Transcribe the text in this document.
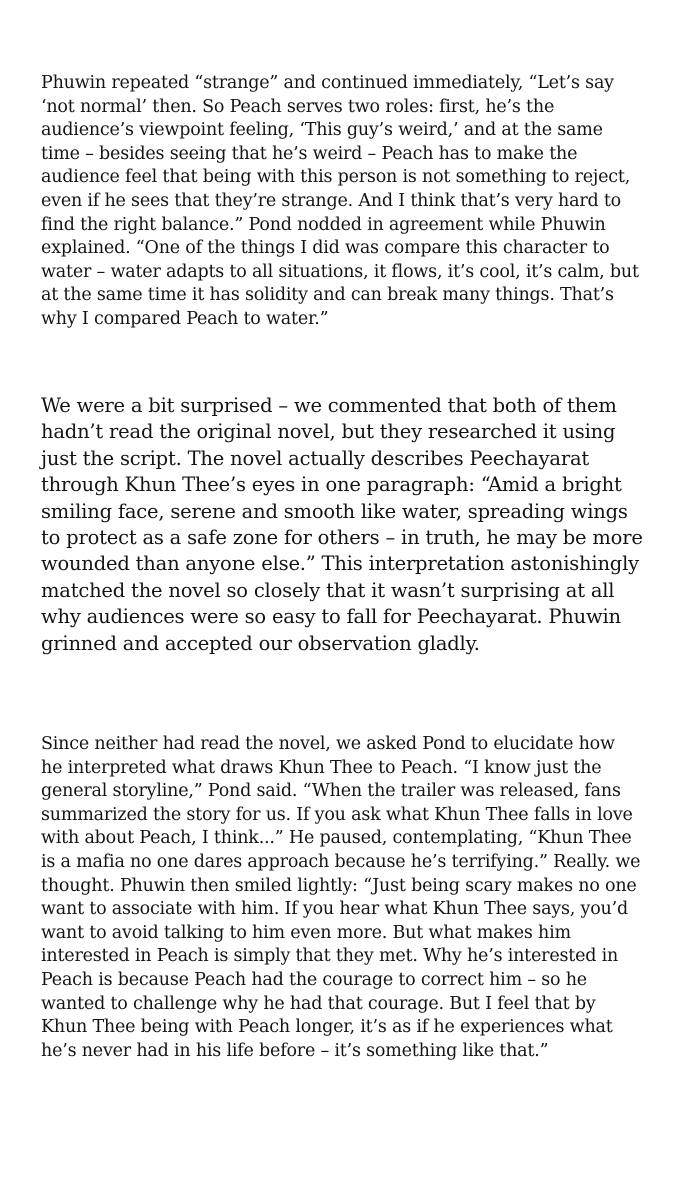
Phuwin repeated “strange” and continued immediately, “Let’s say ‘not normal’ then. So Peach serves two roles: first, he’s the audience’s viewpoint feeling, ‘This guy’s weird,’ and at the same time – besides seeing that he’s weird – Peach has to make the audience feel that being with this person is not something to reject, even if he sees that they’re strange. And I think that’s very hard to find the right balance.” Pond nodded in agreement while Phuwin explained. “One of the things I did was compare this character to water – water adapts to all situations, it flows, it’s cool, it’s calm, but at the same time it has solidity and can break many things. That’s why I compared Peach to water.”

We were a bit surprised – we commented that both of them hadn’t read the original novel, but they researched it using just the script. The novel actually describes Peechayarat through Khun Thee’s eyes in one paragraph: “Amid a bright smiling face, serene and smooth like water, spreading wings to protect as a safe zone for others – in truth, he may be more wounded than anyone else.” This interpretation astonishingly matched the novel so closely that it wasn’t surprising at all why audiences were so easy to fall for Peechayarat. Phuwin grinned and accepted our observation gladly.

Since neither had read the novel, we asked Pond to elucidate how he interpreted what draws Khun Thee to Peach. “I know just the general storyline,” Pond said. “When the trailer was released, fans summarized the story for us. If you ask what Khun Thee falls in love with about Peach, I think...” He paused, contemplating, “Khun Thee is a mafia no one dares approach because he’s terrifying.” Really. we thought. Phuwin then smiled lightly: “Just being scary makes no one want to associate with him. If you hear what Khun Thee says, you’d want to avoid talking to him even more. But what makes him interested in Peach is simply that they met. Why he’s interested in Peach is because Peach had the courage to correct him – so he wanted to challenge why he had that courage. But I feel that by Khun Thee being with Peach longer, it’s as if he experiences what he’s never had in his life before – it’s something like that.”
